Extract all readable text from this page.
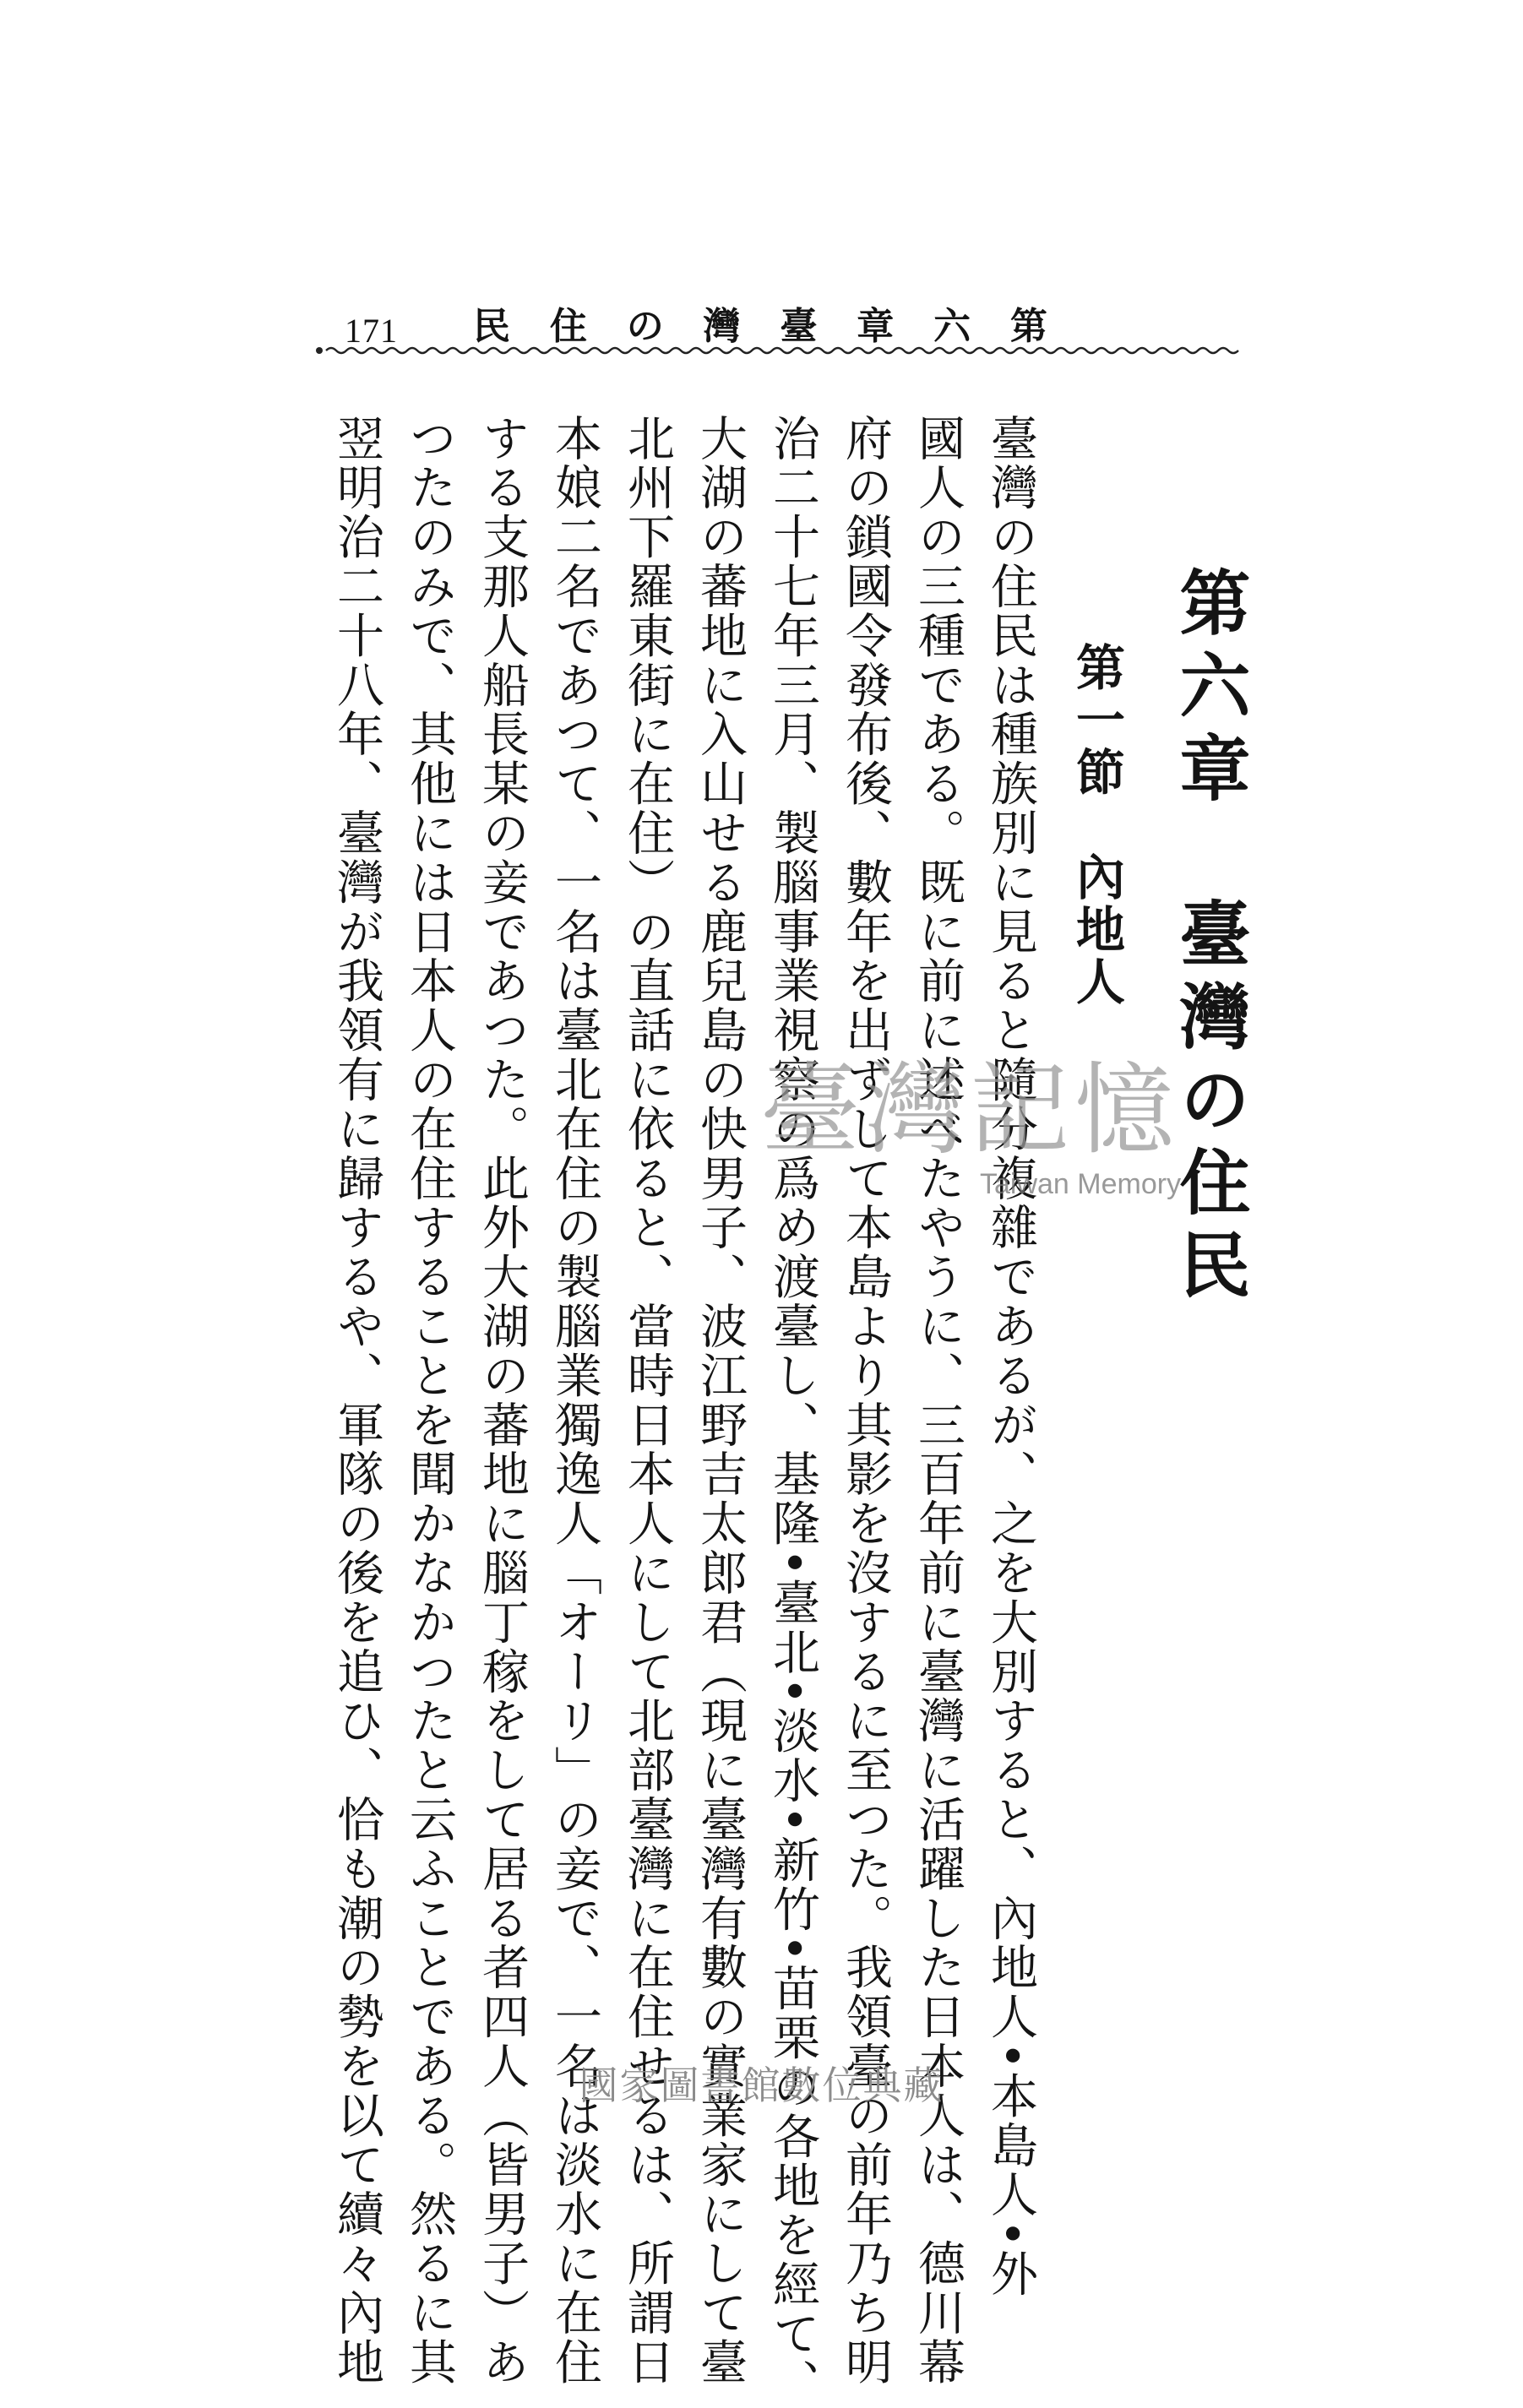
171 民 住 の 灣 臺 章 六 第
第六章　臺灣の住民
第一節　內地人
臺灣の住民は種族別に見ると隨分複雜であるが、之を大別すると、內地人•本島人•外
國人の三種である。既に前に述べたやうに、三百年前に臺灣に活躍した日本人は、德川幕
府の鎖國令發布後、數年を出ずして本島より其影を沒するに至つた。我領臺の前年乃ち明
治二十七年三月、製腦事業視察の爲め渡臺し、基隆•臺北•淡水•新竹•苗栗の各地を經て、
大湖の蕃地に入山せる鹿兒島の快男子、波江野吉太郎君（現に臺灣有數の實業家にして臺
北州下羅東街に在住）の直話に依ると、當時日本人にして北部臺灣に在住せるは、所謂日
本娘二名であつて、一名は臺北在住の製腦業獨逸人「オーリ」の妾で、一名は淡水に在住
する支那人船長某の妾であつた。此外大湖の蕃地に腦丁稼をして居る者四人（皆男子）あ
つたのみで、其他には日本人の在住することを聞かなかつたと云ふことである。然るに其
翌明治二十八年、臺灣が我領有に歸するや、軍隊の後を追ひ、恰も潮の勢を以て續々內地	臺灣記憶
Taiwan Memory
國家圖書館數位典藏
